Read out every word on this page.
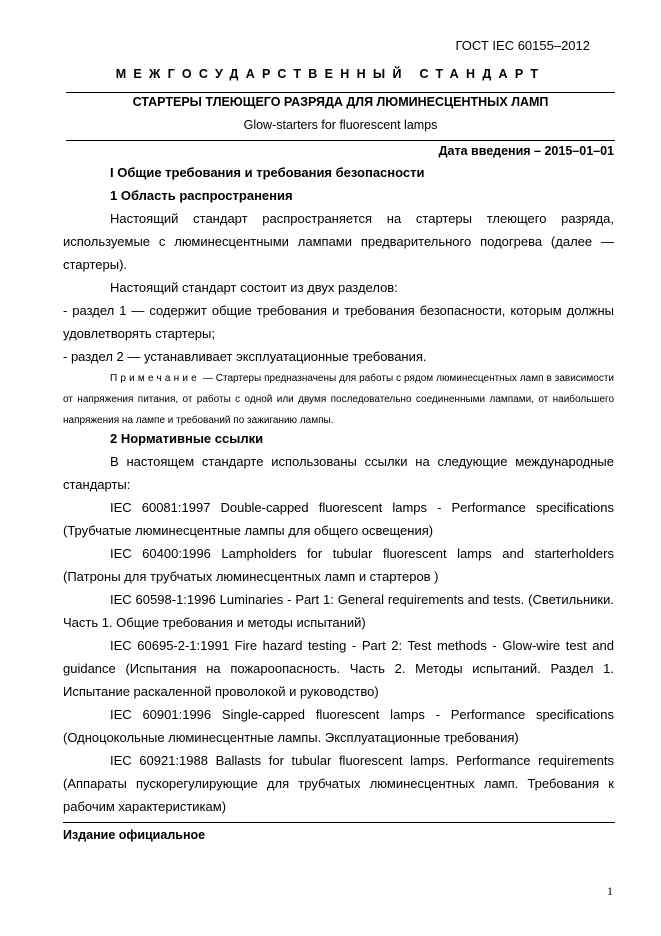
ГОСТ IEC 60155–2012
МЕЖГОСУДАРСТВЕННЫЙ СТАНДАРТ
СТАРТЕРЫ ТЛЕЮЩЕГО РАЗРЯДА ДЛЯ ЛЮМИНЕСЦЕНТНЫХ ЛАМП
Glow-starters for fluorescent lamps
Дата введения – 2015–01–01
I Общие требования и требования безопасности
1 Область распространения
Настоящий стандарт распространяется на стартеры тлеющего разряда, используемые с люминесцентными лампами предварительного подогрева (далее — стартеры).
Настоящий стандарт состоит из двух разделов:
- раздел 1 — содержит общие требования и требования безопасности, которым должны удовлетворять стартеры;
- раздел 2 — устанавливает эксплуатационные требования.
Примечание — Стартеры предназначены для работы с рядом люминесцентных ламп в зависимости от напряжения питания, от работы с одной или двумя последовательно соединенными лампами, от наибольшего напряжения на лампе и требований по зажиганию лампы.
2 Нормативные ссылки
В настоящем стандарте использованы ссылки на следующие международные стандарты:
IEC 60081:1997 Double-capped fluorescent lamps - Performance specifications (Трубчатые люминесцентные лампы для общего освещения)
IEC 60400:1996 Lampholders for tubular fluorescent lamps and starterholders (Патроны для трубчатых люминесцентных ламп и стартеров )
IEC 60598-1:1996 Luminaries - Part 1: General requirements and tests. (Светильники. Часть 1. Общие требования и методы испытаний)
IEC 60695-2-1:1991 Fire hazard testing - Part 2: Test methods - Glow-wire test and guidance (Испытания на пожароопасность. Часть 2. Методы испытаний. Раздел 1. Испытание раскаленной проволокой и руководство)
IEC 60901:1996 Single-capped fluorescent lamps - Performance specifications (Одноцокольные люминесцентные лампы. Эксплуатационные требования)
IEC 60921:1988 Ballasts for tubular fluorescent lamps. Performance requirements (Аппараты пускорегулирующие для трубчатых люминесцентных ламп. Требования к рабочим характеристикам)
Издание официальное
1
